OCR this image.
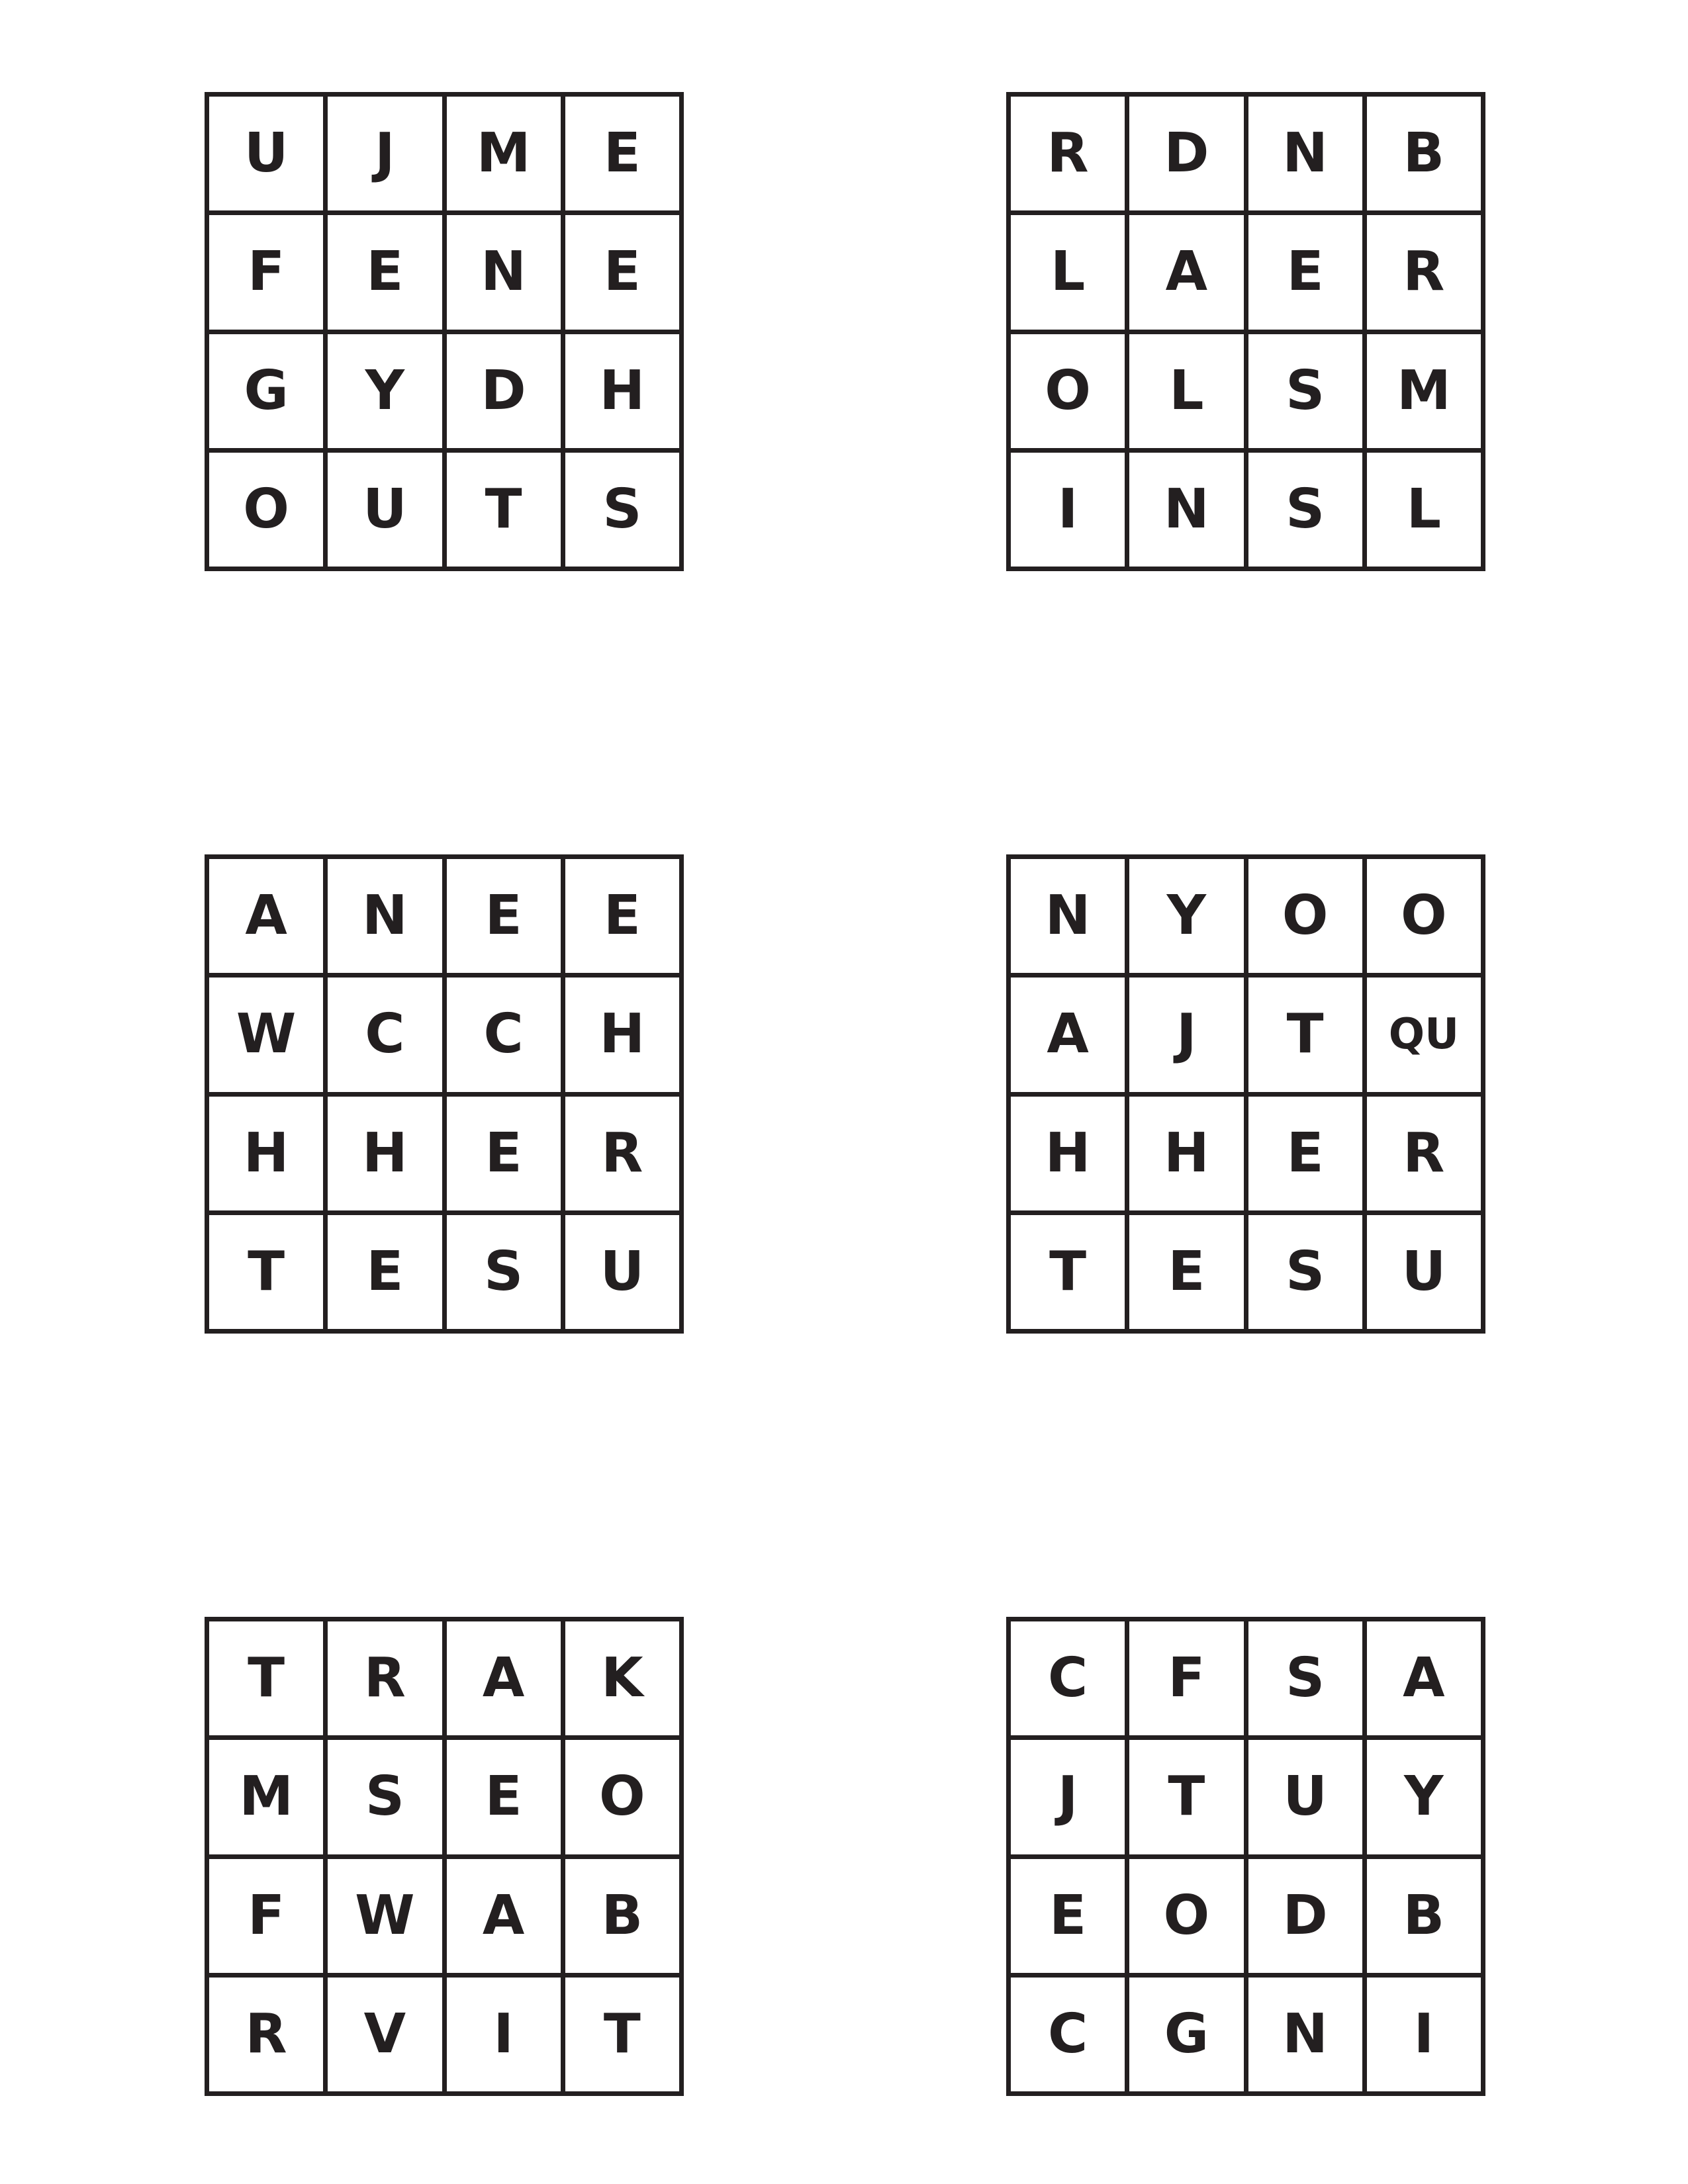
U	J	M	E
F	E	N	E
G	Y	D	H
O	U	T	S
R	D	N	B
L	A	E	R
O	L	S	M
I	N	S	L
A	N	E	E
W	C	C	H
H	H	E	R
T	E	S	U
N	Y	O	O
A	J	T	QU
H	H	E	R
T	E	S	U
T	R	A	K
M	S	E	O
F	W	A	B
R	V	I	T
C	F	S	A
J	T	U	Y
E	O	D	B
C	G	N	I
